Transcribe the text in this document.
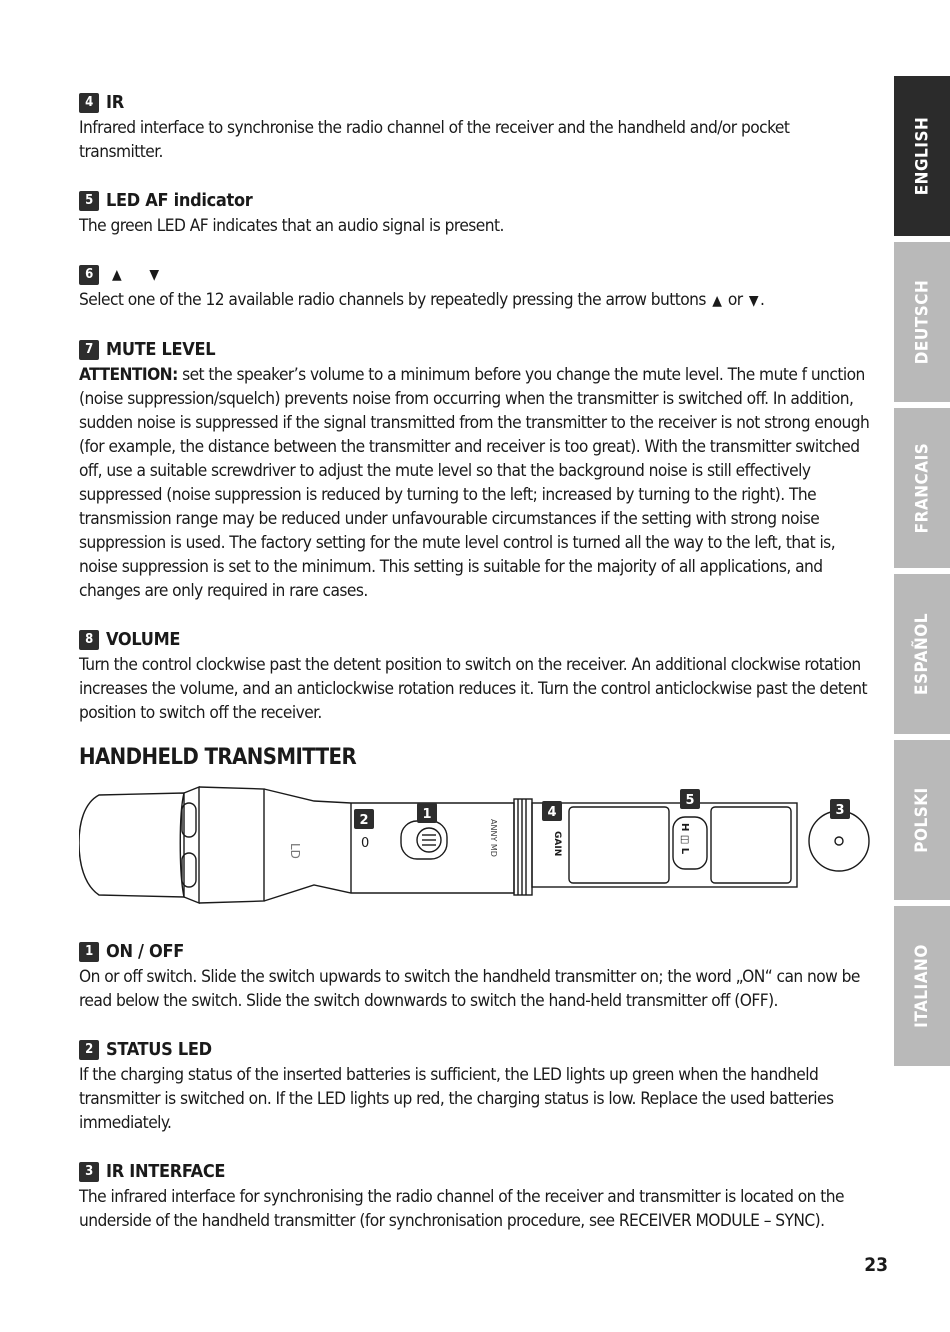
4 IR
Infrared interface to synchronise the radio channel of the receiver and the handheld and/or pocket transmitter.
5 LED AF indicator
The green LED AF indicates that an audio signal is present.
6	▲ ▼
Select one of the 12 available radio channels by repeatedly pressing the arrow buttons ▲ or ▼ .
7 MUTE LEVEL
ATTENTION: set the speaker’s volume to a minimum before you change the mute level. The mute f unction (noise suppression/squelch) prevents noise from occurring when the transmitter is switched off. In addition, sudden noise is suppressed if the signal transmitted from the transmitter to the receiver is not strong enough (for example, the distance between the transmitter and receiver is too great). With the transmitter switched off, use a suitable screwdriver to adjust the mute level so that the background noise is still effectively suppressed (noise suppression is reduced by turning to the left; increased by turning to the right). The transmission range may be reduced under unfavourable circumstances if the setting with strong noise suppression is used. The factory setting for the mute level control is turned all the way to the left, that is, noise suppression is set to the minimum. This setting is suitable for the majority of all applications, and changes are only required in rare cases.
8 VOLUME
Turn the control clockwise past the detent position to switch on the receiver. An additional clockwise rotation increases the volume, and an anticlockwise rotation reduces it. Turn the control anticlockwise past the detent position to switch off the receiver.
HANDHELD TRANSMITTER
LD	0	ANNY MD	GAIN	H ◫ L
1
2
3
4
5
1 ON / OFF
On or off switch. Slide the switch upwards to switch the handheld transmitter on; the word „ON“ can now be read below the switch. Slide the switch downwards to switch the hand-held transmitter off (OFF).
2 STATUS LED
If the charging status of the inserted batteries is sufficient, the LED lights up green when the handheld transmitter is switched on. If the LED lights up red, the charging status is low. Replace the used batteries immediately.
3 IR INTERFACE
The infrared interface for synchronising the radio channel of the receiver and transmitter is located on the underside of the handheld transmitter (for synchronisation procedure, see RECEIVER MODULE – SYNC).
ENGLISH
DEUTSCH
FRANCAIS
ESPAÑOL
POLSKI
ITALIANO
23
